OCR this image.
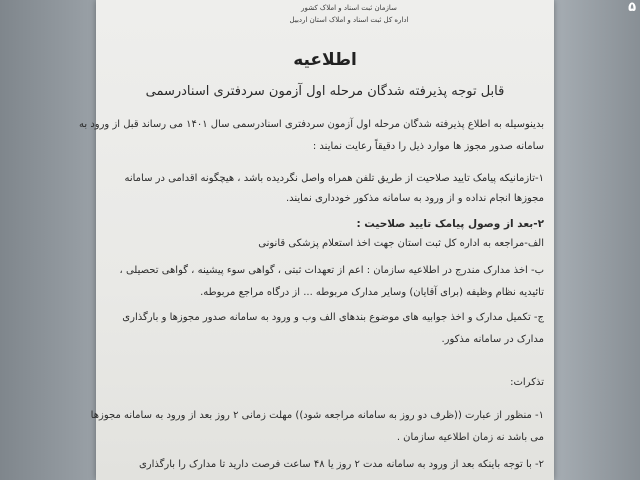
سازمان ثبت اسناد و املاک کشور
اداره کل ثبت اسناد و املاک استان اردبیل
اطلاعیه
قابل توجه پذیرفته شدگان مرحله اول آزمون سردفتری اسنادرسمی
بدینوسیله به اطلاع پذیرفته شدگان مرحله اول آزمون سردفتری اسنادرسمی سال ۱۴۰۱ می رساند قبل از ورود به
سامانه صدور مجوز ها موارد ذیل را دقیقاً رعایت نمایند :
۱-تازمانیکه پیامک تایید صلاحیت از طریق تلفن همراه واصل نگردیده باشد ، هیچگونه اقدامی در سامانه
مجوزها انجام نداده و از ورود به سامانه مذکور خودداری نمایند.
۲-بعد از وصول پیامک تایید صلاحیت :
الف-مراجعه به اداره کل ثبت استان جهت اخذ استعلام پزشکی قانونی
ب- اخذ مدارک مندرج در اطلاعیه سازمان : اعم از تعهدات ثبتی ، گواهی سوء پیشینه ، گواهی تحصیلی ،
تائیدیه نظام وظیفه (برای آقایان) وسایر مدارک مربوطه ... از درگاه مراجع مربوطه.
ج- تکمیل مدارک و اخذ جوابیه های موضوع بندهای الف وب و ورود به سامانه صدور مجوزها و بارگذاری
مدارک در سامانه مذکور.
تذکرات:
۱- منظور از عبارت ((ظرف دو روز به سامانه مراجعه شود)) مهلت زمانی ۲ روز بعد از ورود به سامانه مجوزها
می باشد نه زمان اطلاعیه سازمان .
۲- با توجه باینکه بعد از ورود به سامانه مدت ۲ روز یا ۴۸ ساعت فرصت دارید تا مدارک را بارگذاری
۵
